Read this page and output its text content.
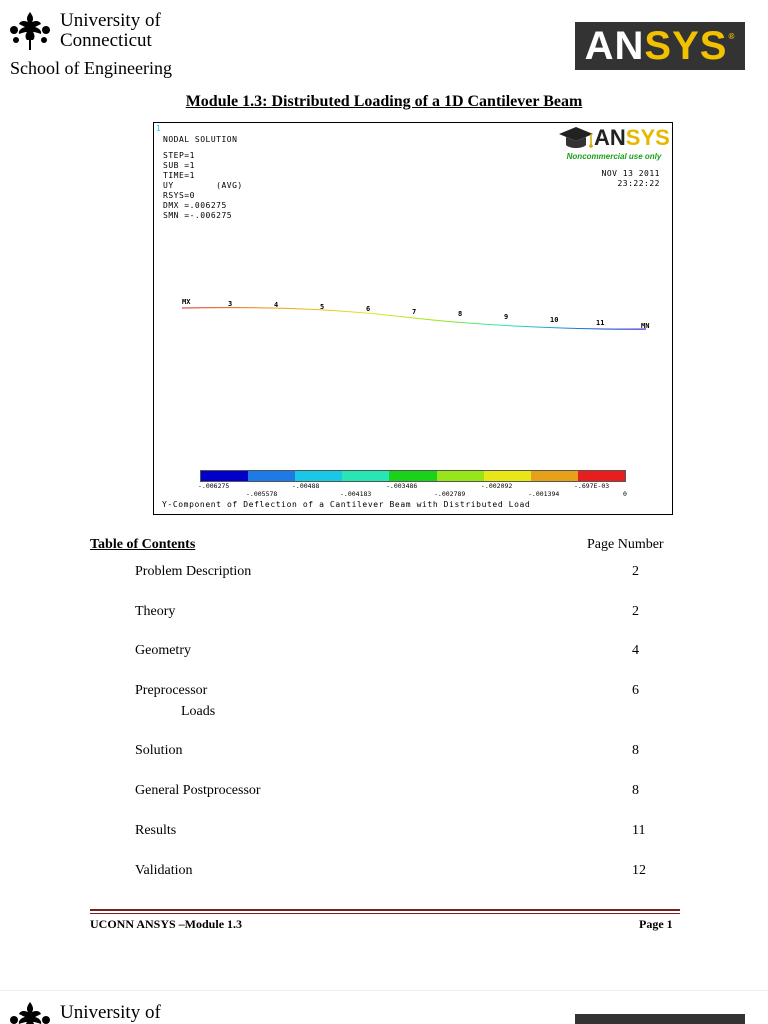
University of
Connecticut
School of Engineering
AN SYS ®
Module 1.3: Distributed Loading of a 1D Cantilever Beam
1
NODAL SOLUTION
STEP=1
SUB =1
TIME=1
UY        (AVG)
RSYS=0
DMX =.006275
SMN =-.006275
ANSYS
Noncommercial use only
NOV 13 2011
23:22:22
MX	3	4	5	6	7	8	9	10	11	MN
-.006275	-.00488	-.003486	-.002092	-.697E-03
-.005578	-.004183	-.002789	-.001394	0
Y-Component of Deflection of a Cantilever Beam with Distributed Load
Table of Contents	Page Number
Problem Description	2
Theory	2
Geometry	4
Preprocessor	6
Loads
Solution	8
General Postprocessor	8
Results	11
Validation	12
UCONN ANSYS –Module 1.3	Page 1
University of
